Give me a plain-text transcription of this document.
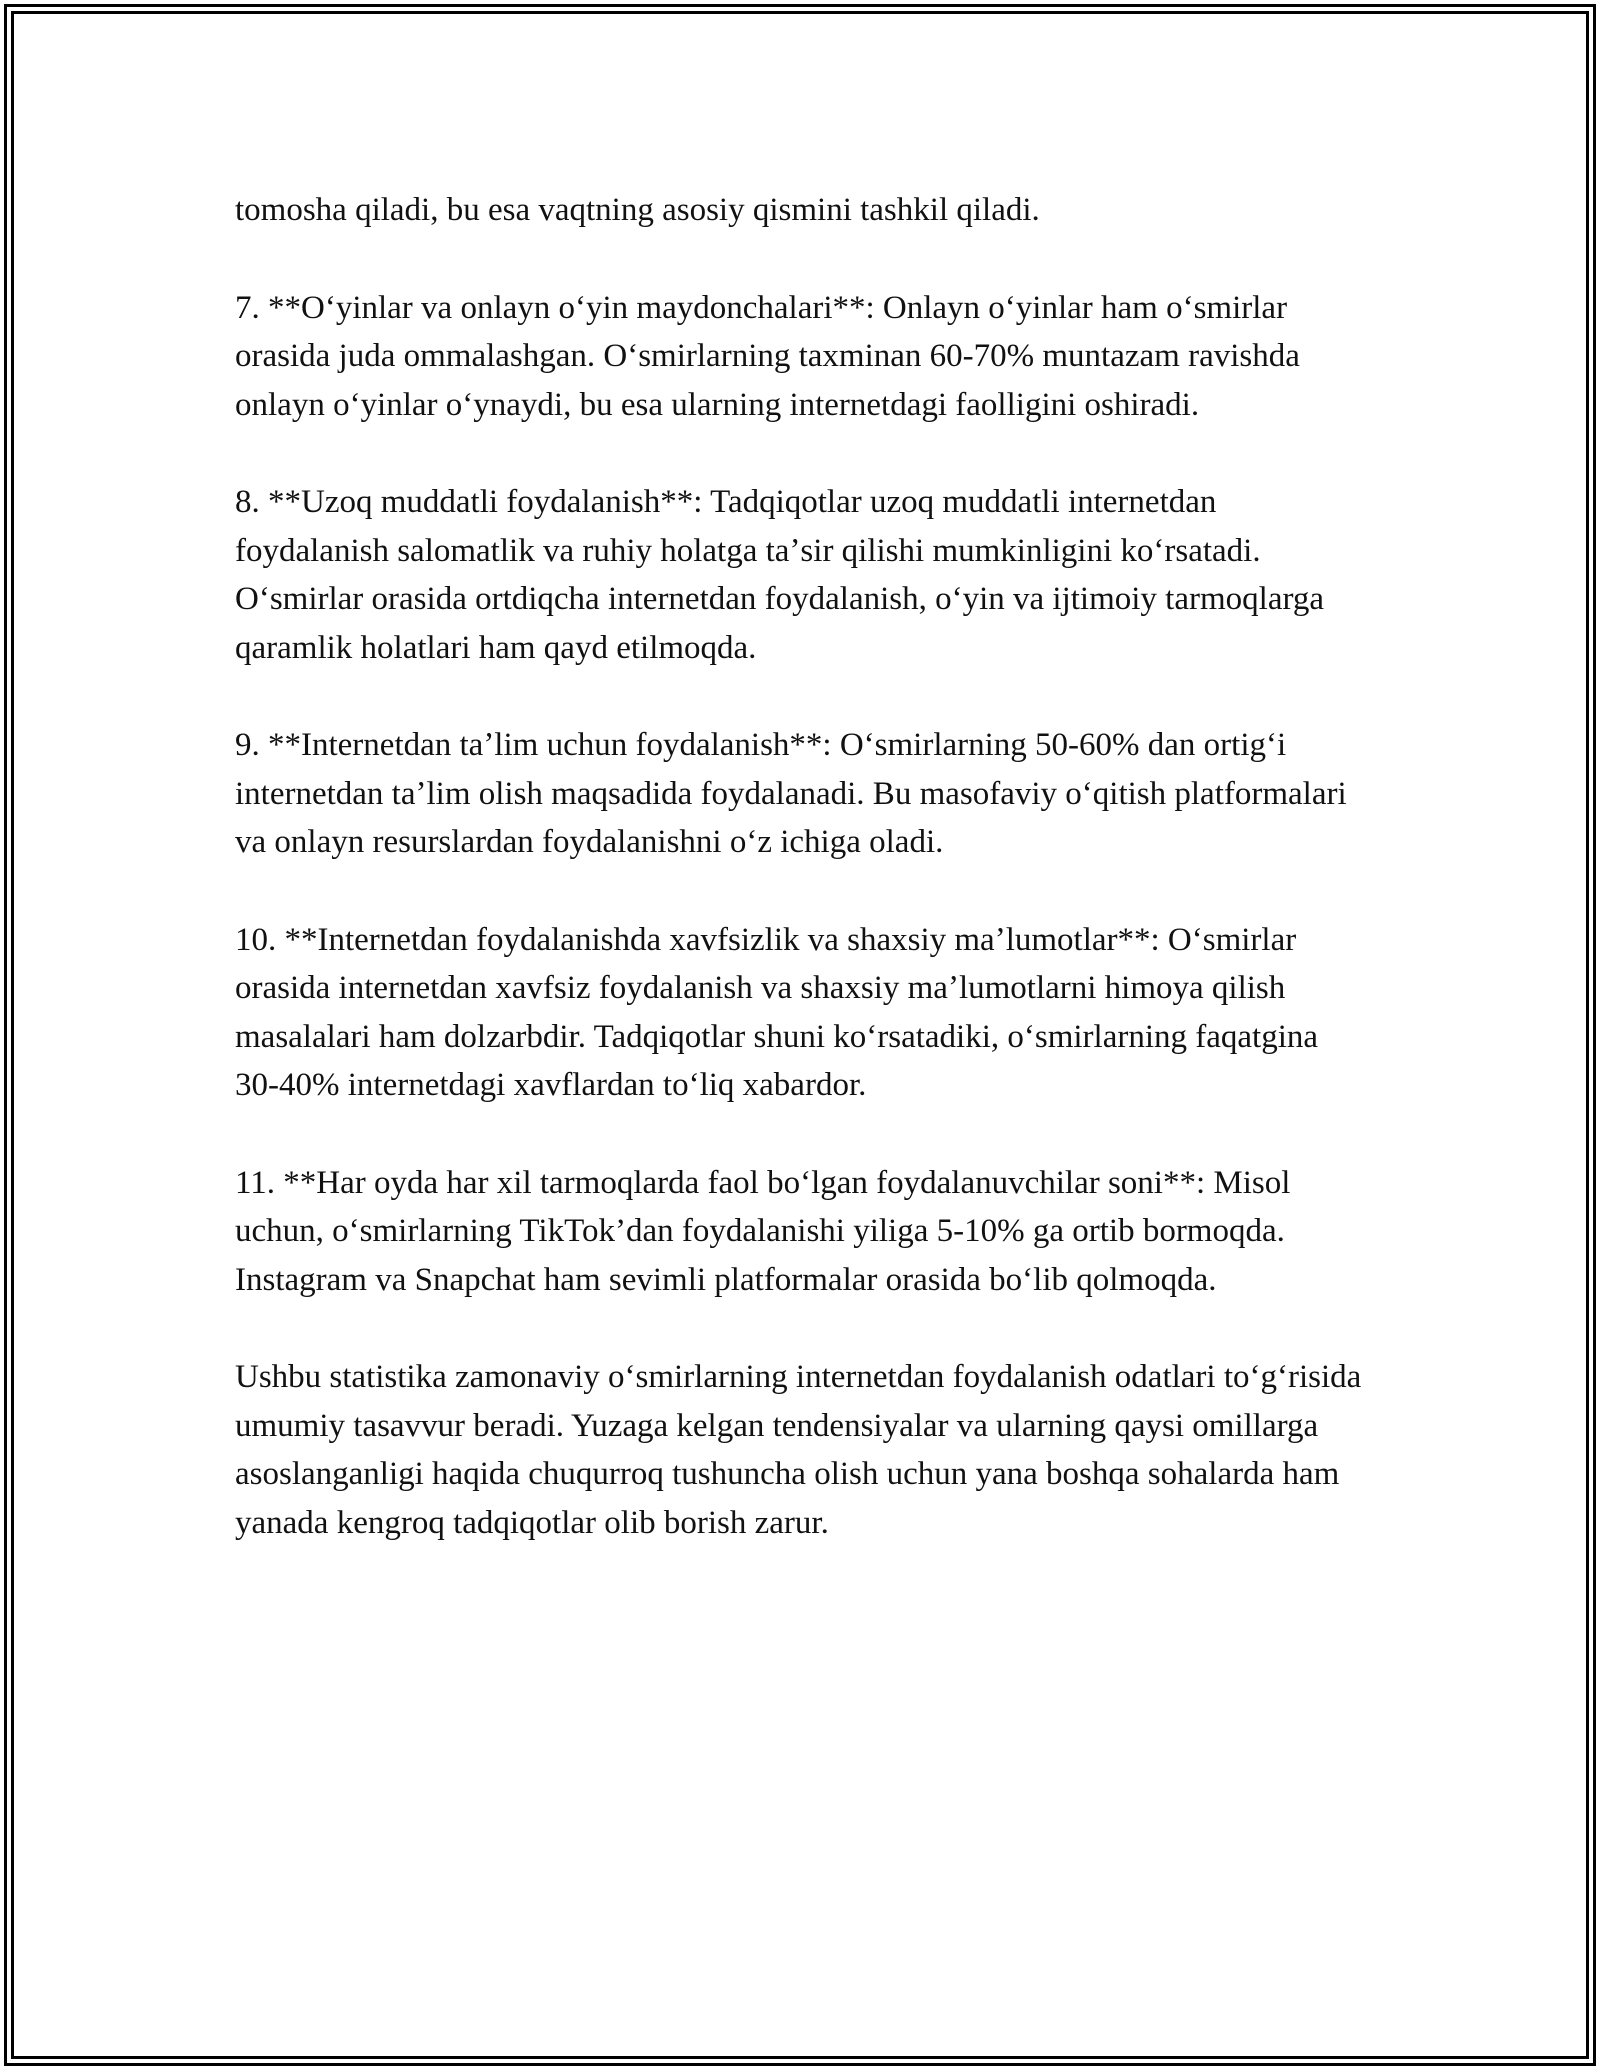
tomosha qiladi, bu esa vaqtning asosiy qismini tashkil qiladi.

7. **Oʻyinlar va onlayn oʻyin maydonchalari**: Onlayn oʻyinlar ham oʻsmirlar orasida juda ommalashgan. Oʻsmirlarning taxminan 60-70% muntazam ravishda onlayn oʻyinlar oʻynaydi, bu esa ularning internetdagi faolligini oshiradi.

8. **Uzoq muddatli foydalanish**: Tadqiqotlar uzoq muddatli internetdan foydalanish salomatlik va ruhiy holatga taʼsir qilishi mumkinligini koʻrsatadi. Oʻsmirlar orasida ortdiqcha internetdan foydalanish, oʻyin va ijtimoiy tarmoqlarga qaramlik holatlari ham qayd etilmoqda.

9. **Internetdan taʼlim uchun foydalanish**: Oʻsmirlarning 50-60% dan ortigʻi internetdan taʼlim olish maqsadida foydalanadi. Bu masofaviy oʻqitish platformalari va onlayn resurslardan foydalanishni oʻz ichiga oladi.

10. **Internetdan foydalanishda xavfsizlik va shaxsiy maʼlumotlar**: Oʻsmirlar orasida internetdan xavfsiz foydalanish va shaxsiy maʼlumotlarni himoya qilish masalalari ham dolzarbdir. Tadqiqotlar shuni koʻrsatadiki, oʻsmirlarning faqatgina 30-40% internetdagi xavflardan toʻliq xabardor.

11. **Har oyda har xil tarmoqlarda faol boʻlgan foydalanuvchilar soni**: Misol uchun, oʻsmirlarning TikTok’dan foydalanishi yiliga 5-10% ga ortib bormoqda. Instagram va Snapchat ham sevimli platformalar orasida boʻlib qolmoqda.

Ushbu statistika zamonaviy oʻsmirlarning internetdan foydalanish odatlari toʻgʻrisida umumiy tasavvur beradi. Yuzaga kelgan tendensiyalar va ularning qaysi omillarga asoslanganligi haqida chuqurroq tushuncha olish uchun yana boshqa sohalarda ham yanada kengroq tadqiqotlar olib borish zarur.
